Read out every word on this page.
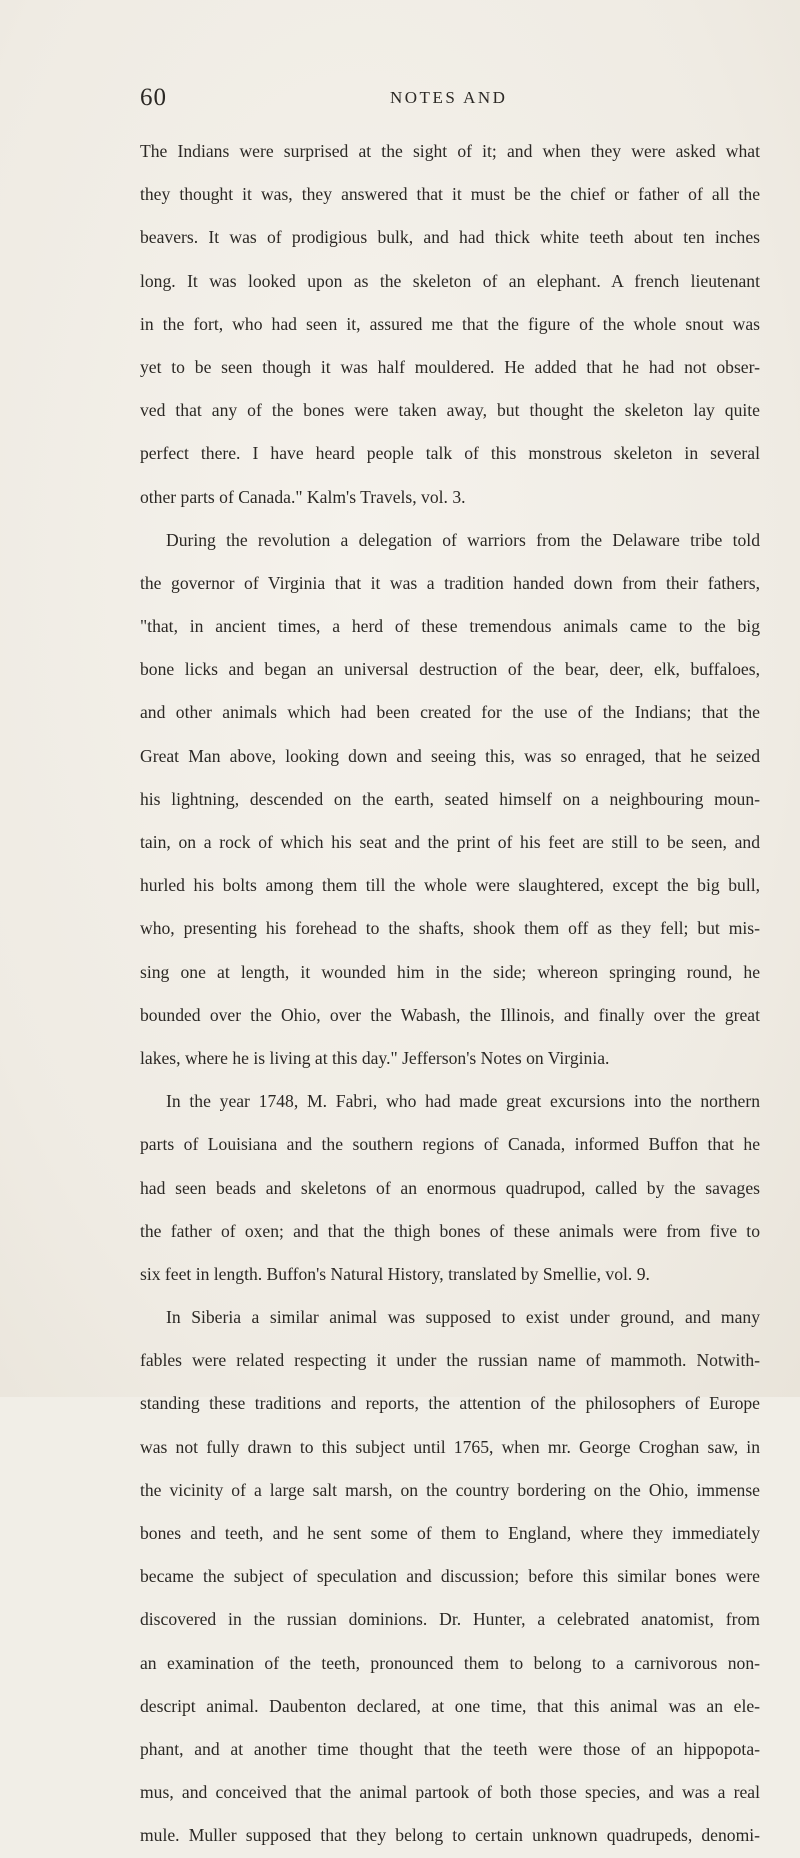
60	NOTES AND
The Indians were surprised at the sight of it; and when they were asked what
they thought it was, they answered that it must be the chief or father of all the
beavers. It was of prodigious bulk, and had thick white teeth about ten inches
long. It was looked upon as the skeleton of an elephant. A french lieutenant
in the fort, who had seen it, assured me that the figure of the whole snout was
yet to be seen though it was half mouldered. He added that he had not obser-
ved that any of the bones were taken away, but thought the skeleton lay quite
perfect there. I have heard people talk of this monstrous skeleton in several
other parts of Canada." Kalm's Travels, vol. 3.
During the revolution a delegation of warriors from the Delaware tribe told
the governor of Virginia that it was a tradition handed down from their fathers,
"that, in ancient times, a herd of these tremendous animals came to the big
bone licks and began an universal destruction of the bear, deer, elk, buffaloes,
and other animals which had been created for the use of the Indians; that the
Great Man above, looking down and seeing this, was so enraged, that he seized
his lightning, descended on the earth, seated himself on a neighbouring moun-
tain, on a rock of which his seat and the print of his feet are still to be seen, and
hurled his bolts among them till the whole were slaughtered, except the big bull,
who, presenting his forehead to the shafts, shook them off as they fell; but mis-
sing one at length, it wounded him in the side; whereon springing round, he
bounded over the Ohio, over the Wabash, the Illinois, and finally over the great
lakes, where he is living at this day." Jefferson's Notes on Virginia.
In the year 1748, M. Fabri, who had made great excursions into the northern
parts of Louisiana and the southern regions of Canada, informed Buffon that he
had seen beads and skeletons of an enormous quadrupod, called by the savages
the father of oxen; and that the thigh bones of these animals were from five to
six feet in length. Buffon's Natural History, translated by Smellie, vol. 9.
In Siberia a similar animal was supposed to exist under ground, and many
fables were related respecting it under the russian name of mammoth. Notwith-
standing these traditions and reports, the attention of the philosophers of Europe
was not fully drawn to this subject until 1765, when mr. George Croghan saw, in
the vicinity of a large salt marsh, on the country bordering on the Ohio, immense
bones and teeth, and he sent some of them to England, where they immediately
became the subject of speculation and discussion; before this similar bones were
discovered in the russian dominions. Dr. Hunter, a celebrated anatomist, from
an examination of the teeth, pronounced them to belong to a carnivorous non-
descript animal. Daubenton declared, at one time, that this animal was an ele-
phant, and at another time thought that the teeth were those of an hippopota-
mus, and conceived that the animal partook of both those species, and was a real
mule. Muller supposed that they belong to certain unknown quadrupeds, denomi-
